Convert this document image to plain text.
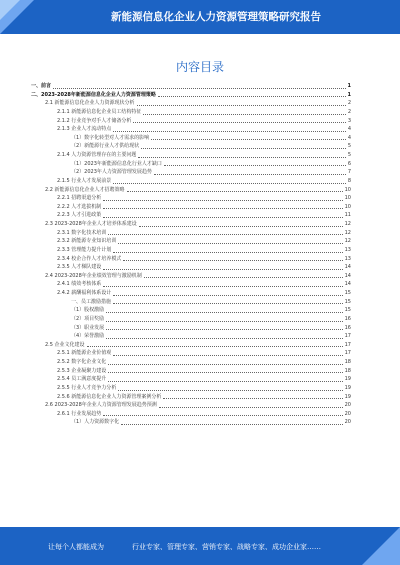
新能源信息化企业人力资源管理策略研究报告
内容目录
一、前言	1
二、2023-2028年新能源信息化企业人力资源管理策略	1
2.1 新能源信息化企业人力资源现状分析	2
2.1.1 新能源信息化企业员工结构特征	2
2.1.2 行业竞争对手人才储备分析	3
2.1.3 企业人才流动特点	4
（1）数字化转型对人才需求的影响	4
（2）新能源行业人才供给现状	5
2.1.4 人力资源管理存在的主要问题	5
（1）2023年新能源信息化行业人才缺口	6
（2）2023年人力资源管理发展趋势	7
2.1.5 行业人才发展前景	8
2.2 新能源信息化企业人才招聘策略	10
2.2.1 招聘渠道分析	10
2.2.2 人才选拔机制	10
2.2.3 人才引进政策	11
2.3 2023-2028年企业人才培养体系建设	12
2.3.1 数字化技术培训	12
2.3.2 新能源专业知识培训	12
2.3.3 管理能力提升计划	13
2.3.4 校企合作人才培养模式	13
2.3.5 人才梯队建设	14
2.4 2023-2028年企业绩效管理与激励机制	14
2.4.1 绩效考核体系	14
2.4.2 薪酬福利体系设计	15
一、员工激励措施	15
（1）股权激励	15
（2）项目奖励	16
（3）职业发展	16
（4）荣誉激励	17
2.5 企业文化建设	17
2.5.1 新能源企业价值观	17
2.5.2 数字化企业文化	18
2.5.3 企业凝聚力建设	18
2.5.4 员工满意度提升	19
2.5.5 行业人才竞争力分析	19
2.5.6 新能源信息化企业人力资源管理案例分析	19
2.6 2023-2028年企业人力资源管理发展趋势预测	20
2.6.1 行业发展趋势	20
（1）人力资源数字化	20
让每个人都能成为	行业专家、管理专家、营销专家、战略专家、成功企业家……
